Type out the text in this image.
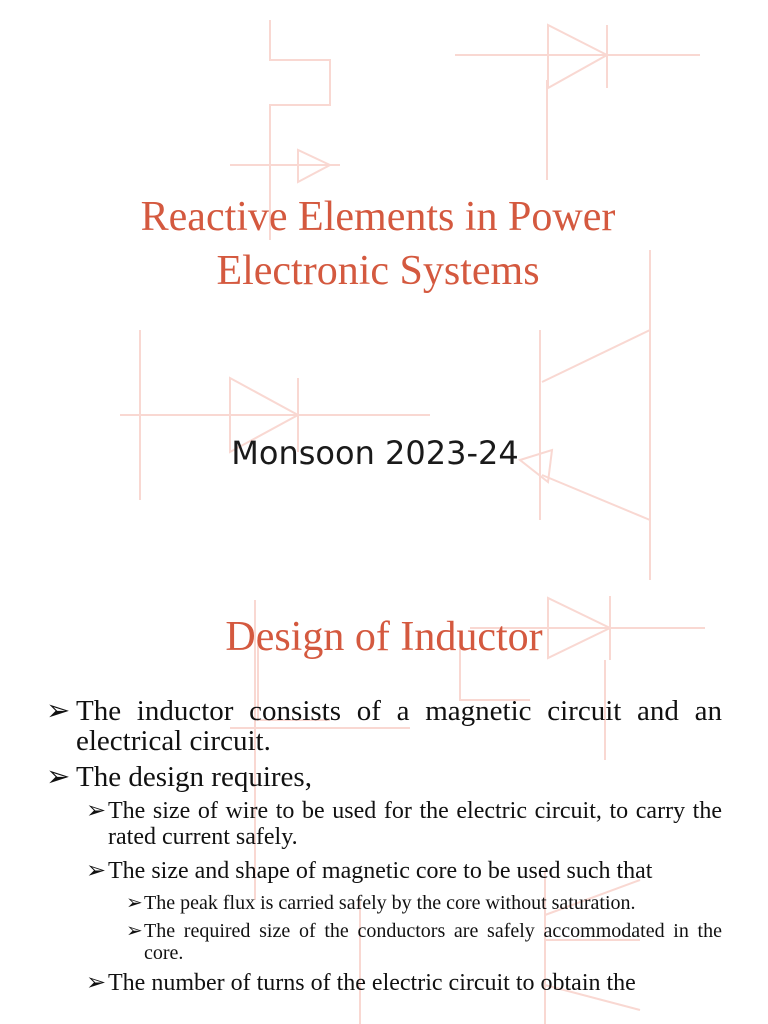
Reactive Elements in Power
Electronic Systems
Monsoon 2023-24
Design of Inductor
➢ The inductor consists of a magnetic circuit and an electrical circuit.
➢ The design requires,
➢ The size of wire to be used for the electric circuit, to carry the rated current safely.
➢ The size and shape of magnetic core to be used such that
➢ The peak flux is carried safely by the core without saturation.
➢ The required size of the conductors are safely accommodated in the core.
➢ The number of turns of the electric circuit to obtain the
